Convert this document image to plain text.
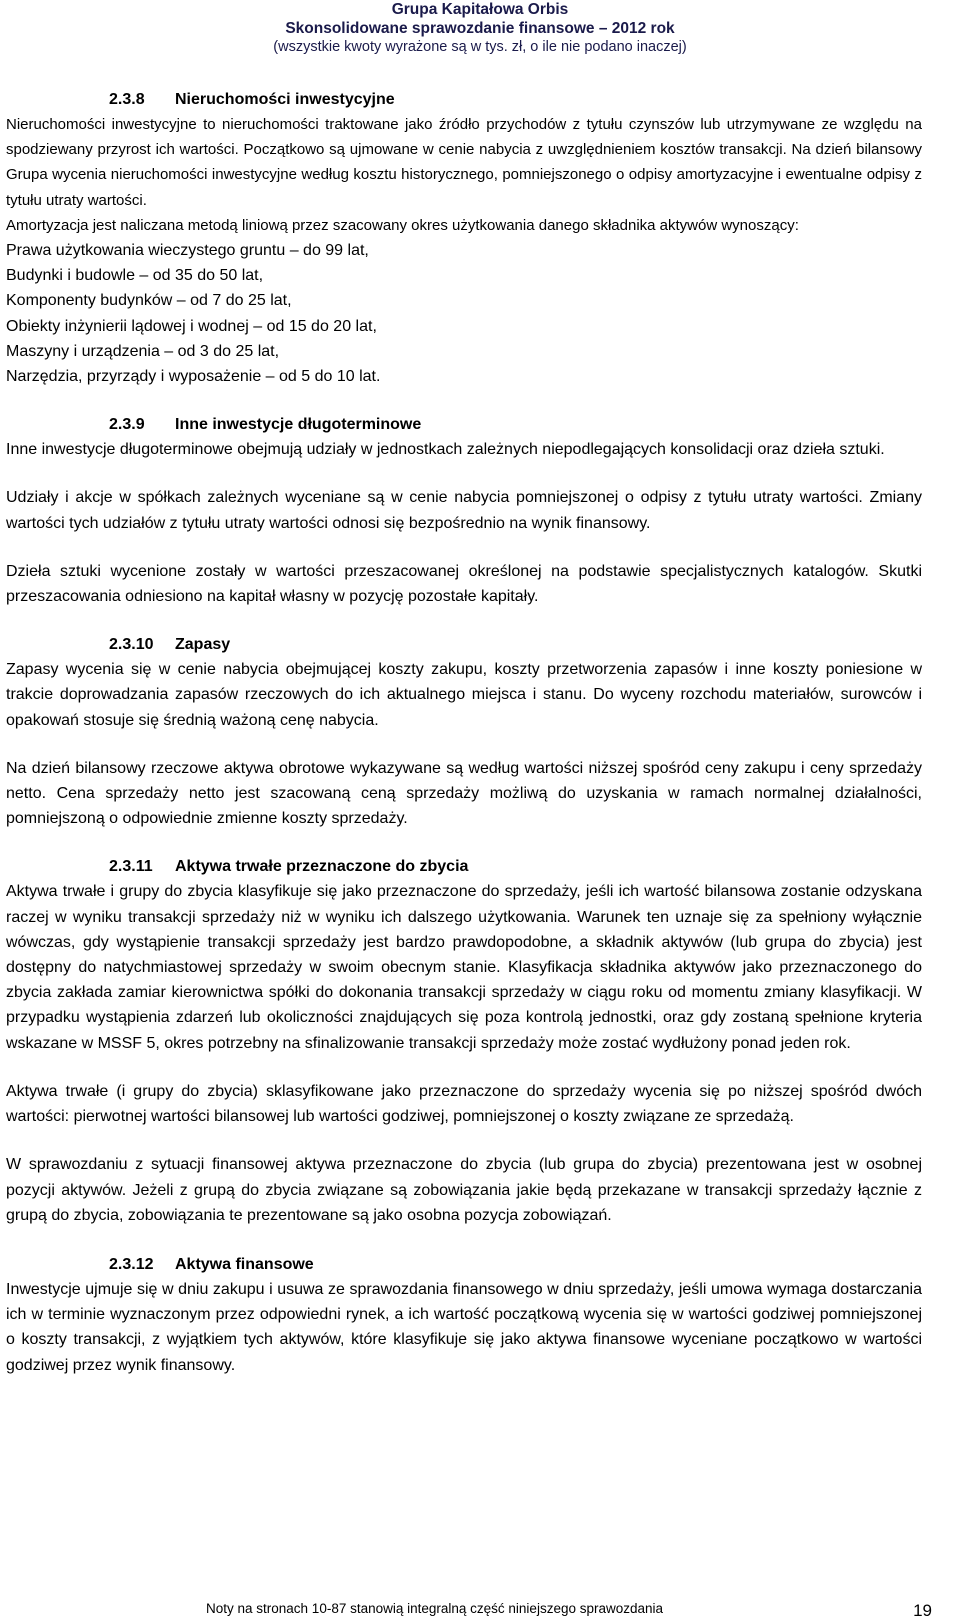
Grupa Kapitałowa Orbis
Skonsolidowane sprawozdanie finansowe – 2012 rok
(wszystkie kwoty wyrażone są w tys. zł, o ile nie podano inaczej)
2.3.8 Nieruchomości inwestycyjne

Nieruchomości inwestycyjne to nieruchomości traktowane jako źródło przychodów z tytułu czynszów lub utrzymywane ze względu na spodziewany przyrost ich wartości. Początkowo są ujmowane w cenie nabycia z uwzględnieniem kosztów transakcji. Na dzień bilansowy Grupa wycenia nieruchomości inwestycyjne według kosztu historycznego, pomniejszonego o odpisy amortyzacyjne i ewentualne odpisy z tytułu utraty wartości.

Amortyzacja jest naliczana metodą liniową przez szacowany okres użytkowania danego składnika aktywów wynoszący:

Prawa użytkowania wieczystego gruntu – do 99 lat,
Budynki i budowle – od 35 do 50 lat,
Komponenty budynków – od 7 do 25 lat,
Obiekty inżynierii lądowej i wodnej – od 15 do 20 lat,
Maszyny i urządzenia – od 3 do 25 lat,
Narzędzia, przyrządy i wyposażenie – od 5 do 10 lat.
2.3.9 Inne inwestycje długoterminowe

Inne inwestycje długoterminowe obejmują udziały w jednostkach zależnych niepodlegających konsolidacji oraz dzieła sztuki.

Udziały i akcje w spółkach zależnych wyceniane są w cenie nabycia pomniejszonej o odpisy z tytułu utraty wartości. Zmiany wartości tych udziałów z tytułu utraty wartości odnosi się bezpośrednio na wynik finansowy.

Dzieła sztuki wycenione zostały w wartości przeszacowanej określonej na podstawie specjalistycznych katalogów. Skutki przeszacowania odniesiono na kapitał własny w pozycję pozostałe kapitały.

2.3.10 Zapasy

Zapasy wycenia się w cenie nabycia obejmującej koszty zakupu, koszty przetworzenia zapasów i inne koszty poniesione w trakcie doprowadzania zapasów rzeczowych do ich aktualnego miejsca i stanu. Do wyceny rozchodu materiałów, surowców i opakowań stosuje się średnią ważoną cenę nabycia.

Na dzień bilansowy rzeczowe aktywa obrotowe wykazywane są według wartości niższej spośród ceny zakupu i ceny sprzedaży netto. Cena sprzedaży netto jest szacowaną ceną sprzedaży możliwą do uzyskania w ramach normalnej działalności, pomniejszoną o odpowiednie zmienne koszty sprzedaży.

2.3.11 Aktywa trwałe przeznaczone do zbycia

Aktywa trwałe i grupy do zbycia klasyfikuje się jako przeznaczone do sprzedaży, jeśli ich wartość bilansowa zostanie odzyskana raczej w wyniku transakcji sprzedaży niż w wyniku ich dalszego użytkowania. Warunek ten uznaje się za spełniony wyłącznie wówczas, gdy wystąpienie transakcji sprzedaży jest bardzo prawdopodobne, a składnik aktywów (lub grupa do zbycia) jest dostępny do natychmiastowej sprzedaży w swoim obecnym stanie. Klasyfikacja składnika aktywów jako przeznaczonego do zbycia zakłada zamiar kierownictwa spółki do dokonania transakcji sprzedaży w ciągu roku od momentu zmiany klasyfikacji. W przypadku wystąpienia zdarzeń lub okoliczności znajdujących się poza kontrolą jednostki, oraz gdy zostaną spełnione kryteria wskazane w MSSF 5, okres potrzebny na sfinalizowanie transakcji sprzedaży może zostać wydłużony ponad jeden rok.

Aktywa trwałe (i grupy do zbycia) sklasyfikowane jako przeznaczone do sprzedaży wycenia się po niższej spośród dwóch wartości: pierwotnej wartości bilansowej lub wartości godziwej, pomniejszonej o koszty związane ze sprzedażą.

W sprawozdaniu z sytuacji finansowej aktywa przeznaczone do zbycia (lub grupa do zbycia) prezentowana jest w osobnej pozycji aktywów. Jeżeli z grupą do zbycia związane są zobowiązania jakie będą przekazane w transakcji sprzedaży łącznie z grupą do zbycia, zobowiązania te prezentowane są jako osobna pozycja zobowiązań.

2.3.12 Aktywa finansowe

Inwestycje ujmuje się w dniu zakupu i usuwa ze sprawozdania finansowego w dniu sprzedaży, jeśli umowa wymaga dostarczania ich w terminie wyznaczonym przez odpowiedni rynek, a ich wartość początkową wycenia się w wartości godziwej pomniejszonej o koszty transakcji, z wyjątkiem tych aktywów, które klasyfikuje się jako aktywa finansowe wyceniane początkowo w wartości godziwej przez wynik finansowy.

Noty na stronach 10-87 stanowią integralną część niniejszego sprawozdania	19
